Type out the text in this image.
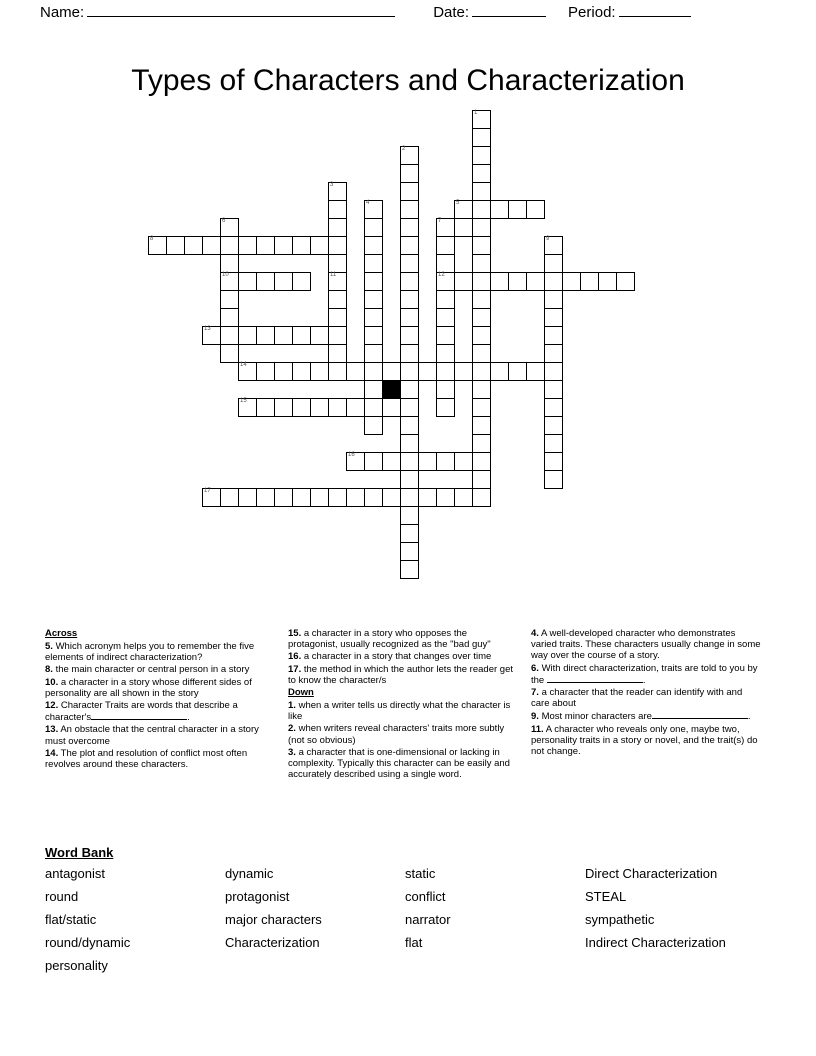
Name:	Date:	Period:
Types of Characters and Characterization
1
2
3
4	5
6	7
8	9
10	11	12
13
14
15
16
17
Across
5. Which acronym helps you to remember the five elements of indirect characterization?
8. the main character or central person in a story
10. a character in a story whose different sides of personality are all shown in the story
12. Character Traits are words that describe a character's	.
13. An obstacle that the central character in a story must overcome
14. The plot and resolution of conflict most often revolves around these characters.
15. a character in a story who opposes the protagonist, usually recognized as the "bad guy"
16. a character in a story that changes over time
17. the method in which the author lets the reader get to know the character/s
Down
1. when a writer tells us directly what the character is like
2. when writers reveal characters' traits more subtly (not so obvious)
3. a character that is one-dimensional or lacking in complexity. Typically this character can be easily and accurately described using a single word.
4. A well-developed character who demonstrates varied traits. These characters usually change in some way over the course of a story.
6. With direct characterization, traits are told to you by the	.
7. a character that the reader can identify with and care about
9. Most minor characters are	.
11. A character who reveals only one, maybe two, personality traits in a story or novel, and the trait(s) do not change.
Word Bank
antagonist	dynamic	static	Direct Characterization
round	protagonist	conflict	STEAL
flat/static	major characters	narrator	sympathetic
round/dynamic	Characterization	flat	Indirect Characterization
personality
